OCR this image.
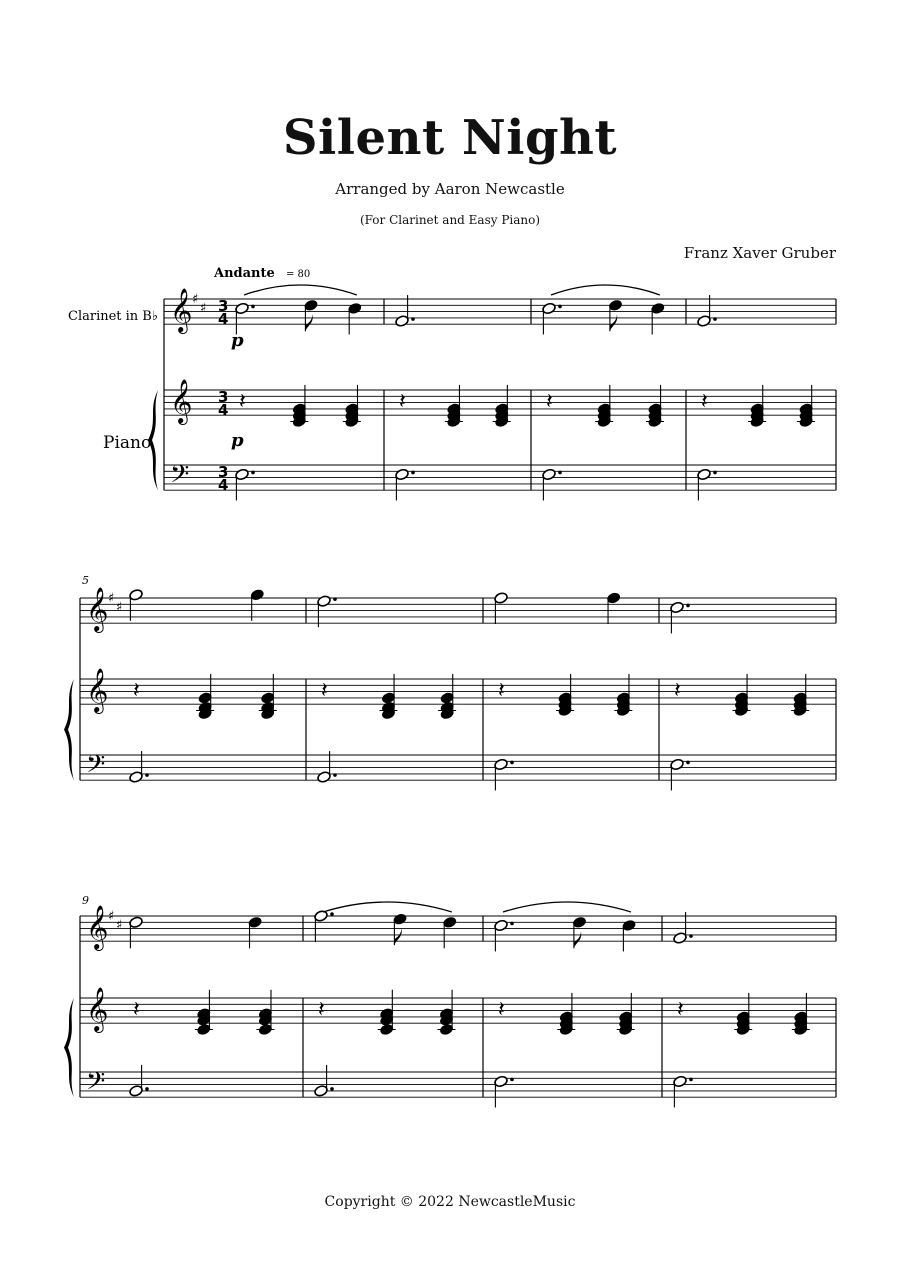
Silent Night
Arranged by Aaron Newcastle
(For Clarinet and Easy Piano)
Franz Xaver Gruber
𝄽	𝄽	𝄽	𝄽
𝄽	𝄽	𝄽	𝄽
𝄽	𝄽	𝄽	𝄽
𝄞 ♯
♯
𝄞
𝄢
3
4
3
4
3
4
𝄞 ♯
♯
𝄞
𝄢
𝄞 ♯
♯
𝄞
𝄢
Andante = 80
Clarinet in B♭
Piano
p
p
5
9
Copyright © 2022 NewcastleMusic
